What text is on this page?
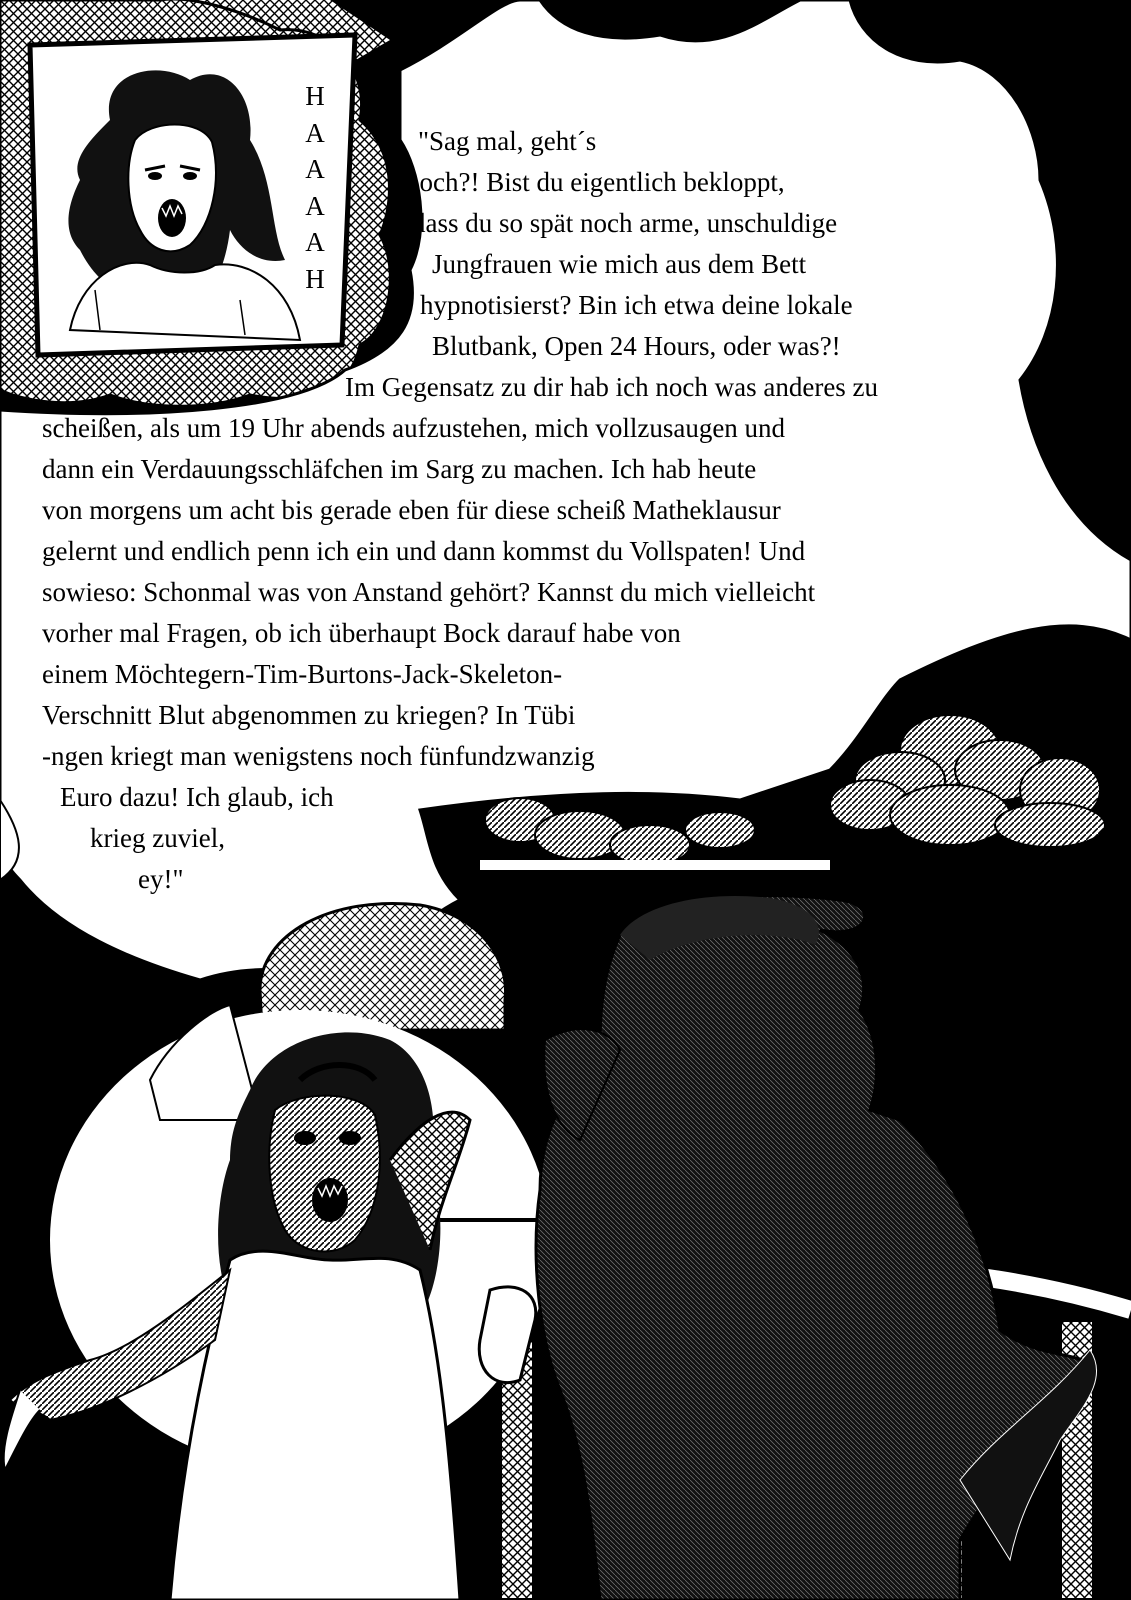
H
A
A
A
A
H
"Sag mal, geht´s
noch?! Bist du eigentlich bekloppt,
dass du so spät noch arme, unschuldige
Jungfrauen wie mich aus dem Bett
hypnotisierst? Bin ich etwa deine lokale
Blutbank, Open 24 Hours, oder was?!
Im Gegensatz zu dir hab ich noch was anderes zu
scheißen, als um 19 Uhr abends aufzustehen, mich vollzusaugen und
dann ein Verdauungsschläfchen im Sarg zu machen. Ich hab heute
von morgens um acht bis gerade eben für diese scheiß Matheklausur
gelernt und endlich penn ich ein und dann kommst du Vollspaten! Und
sowieso: Schonmal was von Anstand gehört? Kannst du mich vielleicht
vorher mal Fragen, ob ich überhaupt Bock darauf habe von
einem Möchtegern-Tim-Burtons-Jack-Skeleton-
Verschnitt Blut abgenommen zu kriegen? In Tübi
-ngen kriegt man wenigstens noch fünfundzwanzig
Euro dazu! Ich glaub, ich
krieg zuviel,
ey!"
